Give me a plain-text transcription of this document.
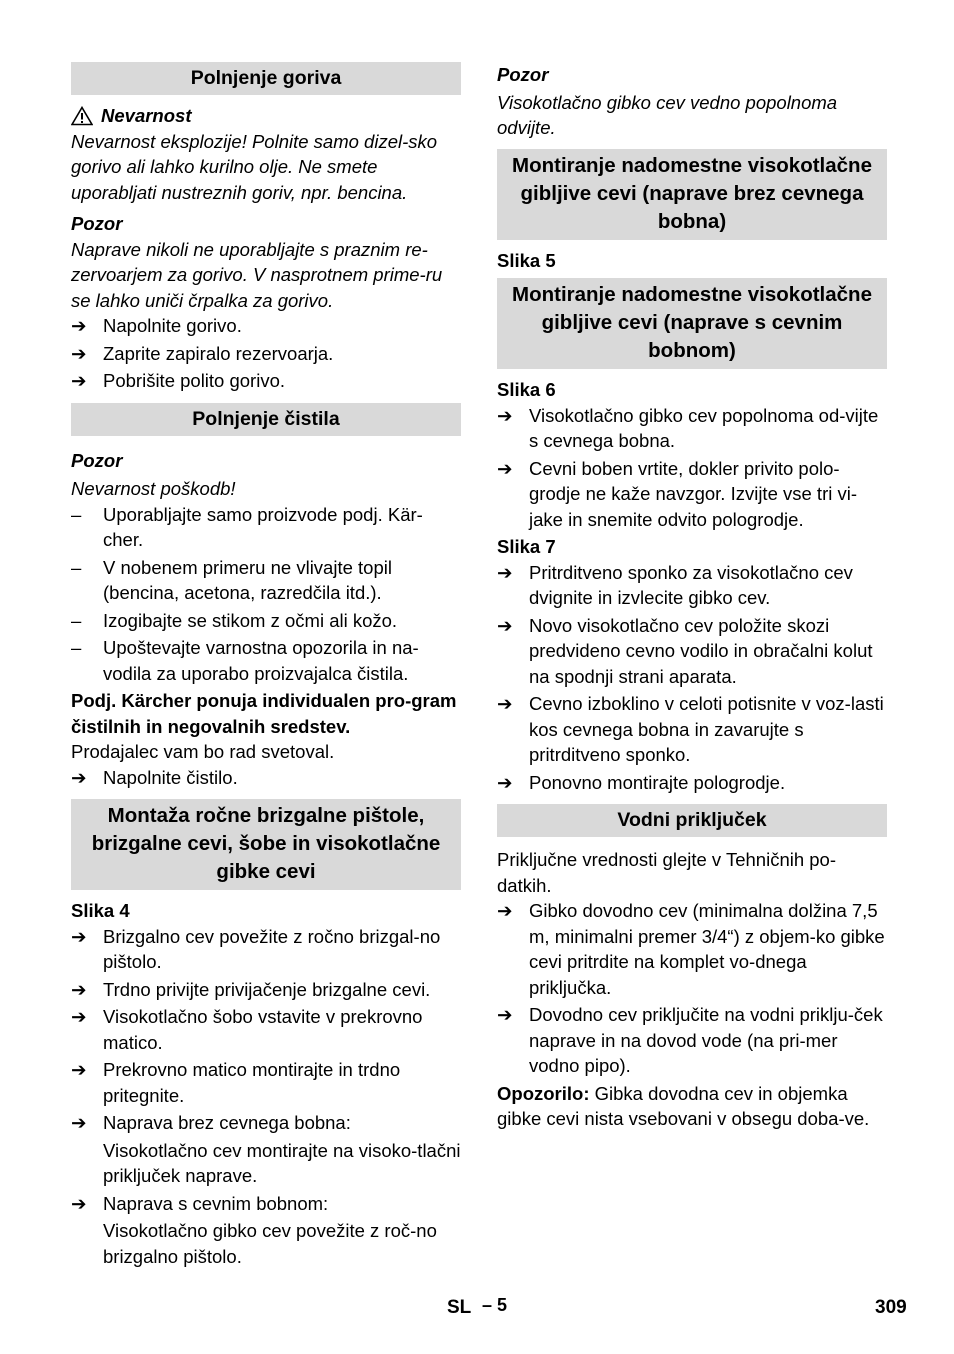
Polnjenje goriva
Nevarnost

Nevarnost eksplozije! Polnite samo dizel-sko gorivo ali lahko kurilno olje. Ne smete uporabljati nustreznih goriv, npr. bencina.

Pozor

Naprave nikoli ne uporabljajte s praznim re-zervoarjem za gorivo. V nasprotnem prime-ru se lahko uniči črpalka za gorivo.

➔ Napolnite gorivo.
➔ Zaprite zapiralo rezervoarja.
➔ Pobrišite polito gorivo.
Polnjenje čistila

Pozor

Nevarnost poškodb!

–	Uporabljajte samo proizvode podj. Kär-cher.
–	V nobenem primeru ne vlivajte topil (bencina, acetona, razredčila itd.).
–	Izogibajte se stikom z očmi ali kožo.
–	Upoštevajte varnostna opozorila in na-vodila za uporabo proizvajalca čistila.

Podj. Kärcher ponuja individualen pro-gram čistilnih in negovalnih sredstev.

Prodajalec vam bo rad svetoval.

➔ Napolnite čistilo.
Montaža ročne brizgalne pištole, brizgalne cevi, šobe in visokotlačne gibke cevi

Slika 4

➔ Brizgalno cev povežite z ročno brizgal-no pištolo.
➔ Trdno privijte privijačenje brizgalne cevi.
➔ Visokotlačno šobo vstavite v prekrovno matico.
➔ Prekrovno matico montirajte in trdno pritegnite.
➔ Naprava brez cevnega bobna:

Visokotlačno cev montirajte na visoko-tlačni priključek naprave.

➔ Naprava s cevnim bobnom:

Visokotlačno gibko cev povežite z roč-no brizgalno pištolo.

Pozor

Visokotlačno gibko cev vedno popolnoma odvijte.

Montiranje nadomestne visokotlačne gibljive cevi (naprave brez cevnega bobna)

Slika 5

Montiranje nadomestne visokotlačne gibljive cevi (naprave s cevnim bobnom)

Slika 6

➔ Visokotlačno gibko cev popolnoma od-vijte s cevnega bobna.
➔ Cevni boben vrtite, dokler privito polo-grodje ne kaže navzgor. Izvijte vse tri vi-jake in snemite odvito pologrodje.

Slika 7

➔ Pritrditveno sponko za visokotlačno cev dvignite in izvlecite gibko cev.
➔ Novo visokotlačno cev položite skozi predvideno cevno vodilo in obračalni kolut na spodnji strani aparata.
➔ Cevno izboklino v celoti potisnite v voz-lasti kos cevnega bobna in zavarujte s pritrditveno sponko.
➔ Ponovno montirajte pologrodje.
Vodni priključek

Priključne vrednosti glejte v Tehničnih po-datkih.

➔ Gibko dovodno cev (minimalna dolžina 7,5 m, minimalni premer 3/4“) z objem-ko gibke cevi pritrdite na komplet vo-dnega priključka.
➔ Dovodno cev priključite na vodni priklju-ček naprave in na dovod vode (na pri-mer vodno pipo).

Opozorilo: Gibka dovodna cev in objemka gibke cevi nista vsebovani v obsegu doba-ve.

SL – 5	309
